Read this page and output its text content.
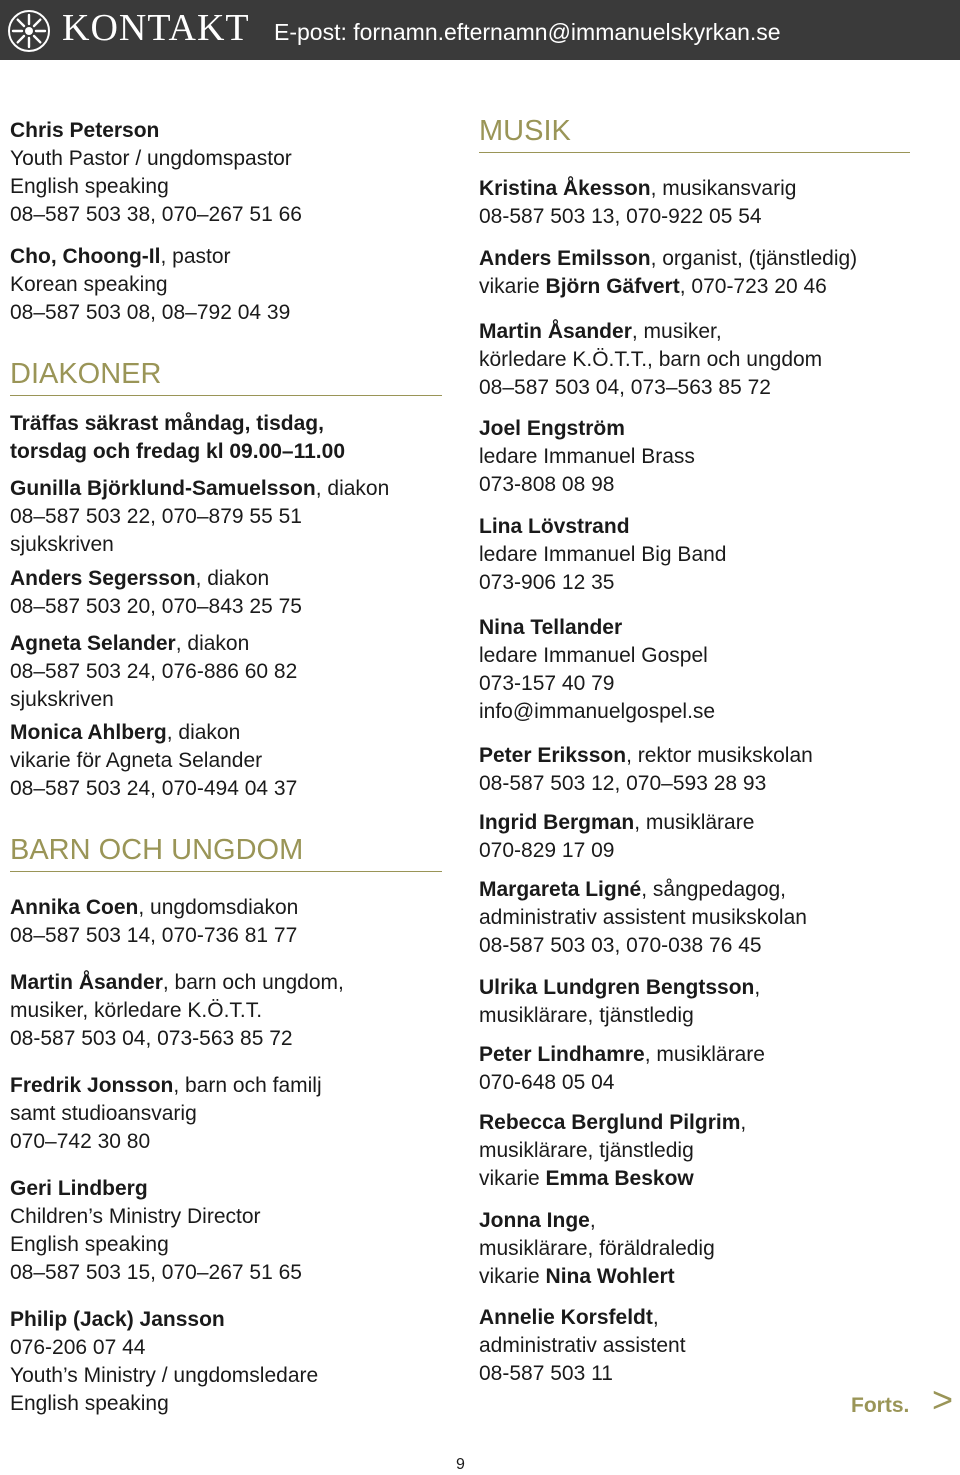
KONTAKT E-post: fornamn.efternamn@immanuelskyrkan.se
Chris Peterson
Youth Pastor / ungdomspastor
English speaking
08–587 503 38, 070–267 51 66
Cho, Choong-Il, pastor
Korean speaking
08–587 503 08, 08–792 04 39
DIAKONER
Träffas säkrast måndag, tisdag,
torsdag och fredag kl 09.00–11.00
Gunilla Björklund-Samuelsson, diakon
08–587 503 22, 070–879 55 51
sjukskriven
Anders Segersson, diakon
08–587 503 20, 070–843 25 75
Agneta Selander, diakon
08–587 503 24, 076-886 60 82
sjukskriven
Monica Ahlberg, diakon
vikarie för Agneta Selander
08–587 503 24, 070-494 04 37
BARN OCH UNGDOM
Annika Coen, ungdomsdiakon
08–587 503 14, 070-736 81 77
Martin Åsander, barn och ungdom,
musiker, körledare K.Ö.T.T.
08-587 503 04, 073-563 85 72
Fredrik Jonsson, barn och familj
samt studioansvarig
070–742 30 80
Geri Lindberg
Children’s Ministry Director
English speaking
08–587 503 15, 070–267 51 65
Philip (Jack) Jansson
076-206 07 44
Youth’s Ministry / ungdomsledare
English speaking
MUSIK
Kristina Åkesson, musikansvarig
08-587 503 13, 070-922 05 54
Anders Emilsson, organist, (tjänstledig)
vikarie Björn Gäfvert, 070-723 20 46
Martin Åsander, musiker,
körledare K.Ö.T.T., barn och ungdom
08–587 503 04, 073–563 85 72
Joel Engström
ledare Immanuel Brass
073-808 08 98
Lina Lövstrand
ledare Immanuel Big Band
073-906 12 35
Nina Tellander
ledare Immanuel Gospel
073-157 40 79
info@immanuelgospel.se
Peter Eriksson, rektor musikskolan
08-587 503 12, 070–593 28 93
Ingrid Bergman, musiklärare
070-829 17 09
Margareta Ligné, sångpedagog,
administrativ assistent musikskolan
08-587 503 03, 070-038 76 45
Ulrika Lundgren Bengtsson,
musiklärare, tjänstledig
Peter Lindhamre, musiklärare
070-648 05 04
Rebecca Berglund Pilgrim,
musiklärare, tjänstledig
vikarie Emma Beskow
Jonna Inge,
musiklärare, föräldraledig
vikarie Nina Wohlert
Annelie Korsfeldt,
administrativ assistent
08-587 503 11
Forts. >
9
